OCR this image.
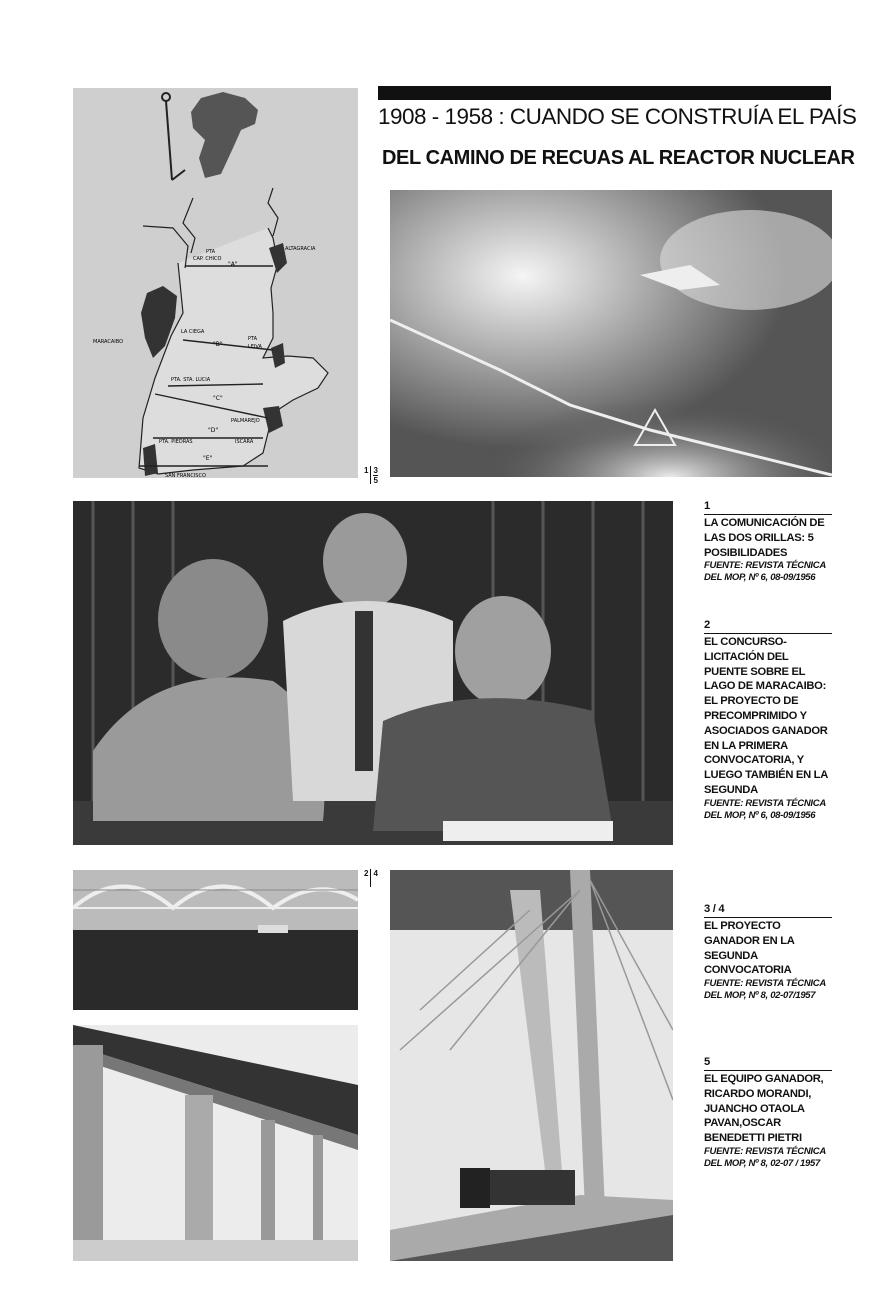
1908 - 1958 : CUANDO SE CONSTRUÍA EL PAÍS
DEL CAMINO DE RECUAS AL REACTOR NUCLEAR
PTA
CAP. CHICO
ALTAGRACIA
MARACAIBO
LA CIEGA
PTA
LEIVA
PTA. STA. LUCIA
PALMAREJO
PTA. PIEDRAS	ISCARA
SAN FRANCISCO
"A"
"B"
"C"
"D"
"E"
$1 \frac{3}{5}$
1
LA COMUNICACIÓN DE LAS DOS ORILLAS: 5 POSIBILIDADES
FUENTE: REVISTA TÉCNICA DEL MOP, Nº 6, 08-09/1956
2
EL CONCURSO-LICITACIÓN DEL PUENTE SOBRE EL LAGO DE MARACAIBO: EL PROYECTO DE PRECOMPRIMIDO Y ASOCIADOS GANADOR EN LA PRIMERA CONVOCATORIA, Y LUEGO TAMBIÉN EN LA SEGUNDA
FUENTE: REVISTA TÉCNICA DEL MOP, Nº 6, 08-09/1956
3 / 4
EL PROYECTO GANADOR EN LA SEGUNDA CONVOCATORIA
FUENTE: REVISTA TÉCNICA DEL MOP, Nº 8, 02-07/1957
5
EL EQUIPO GANADOR, RICARDO MORANDI, JUANCHO OTAOLA PAVAN,OSCAR BENEDETTI PIETRI
FUENTE: REVISTA TÉCNICA DEL MOP, Nº 8, 02-07 / 1957
2 4
